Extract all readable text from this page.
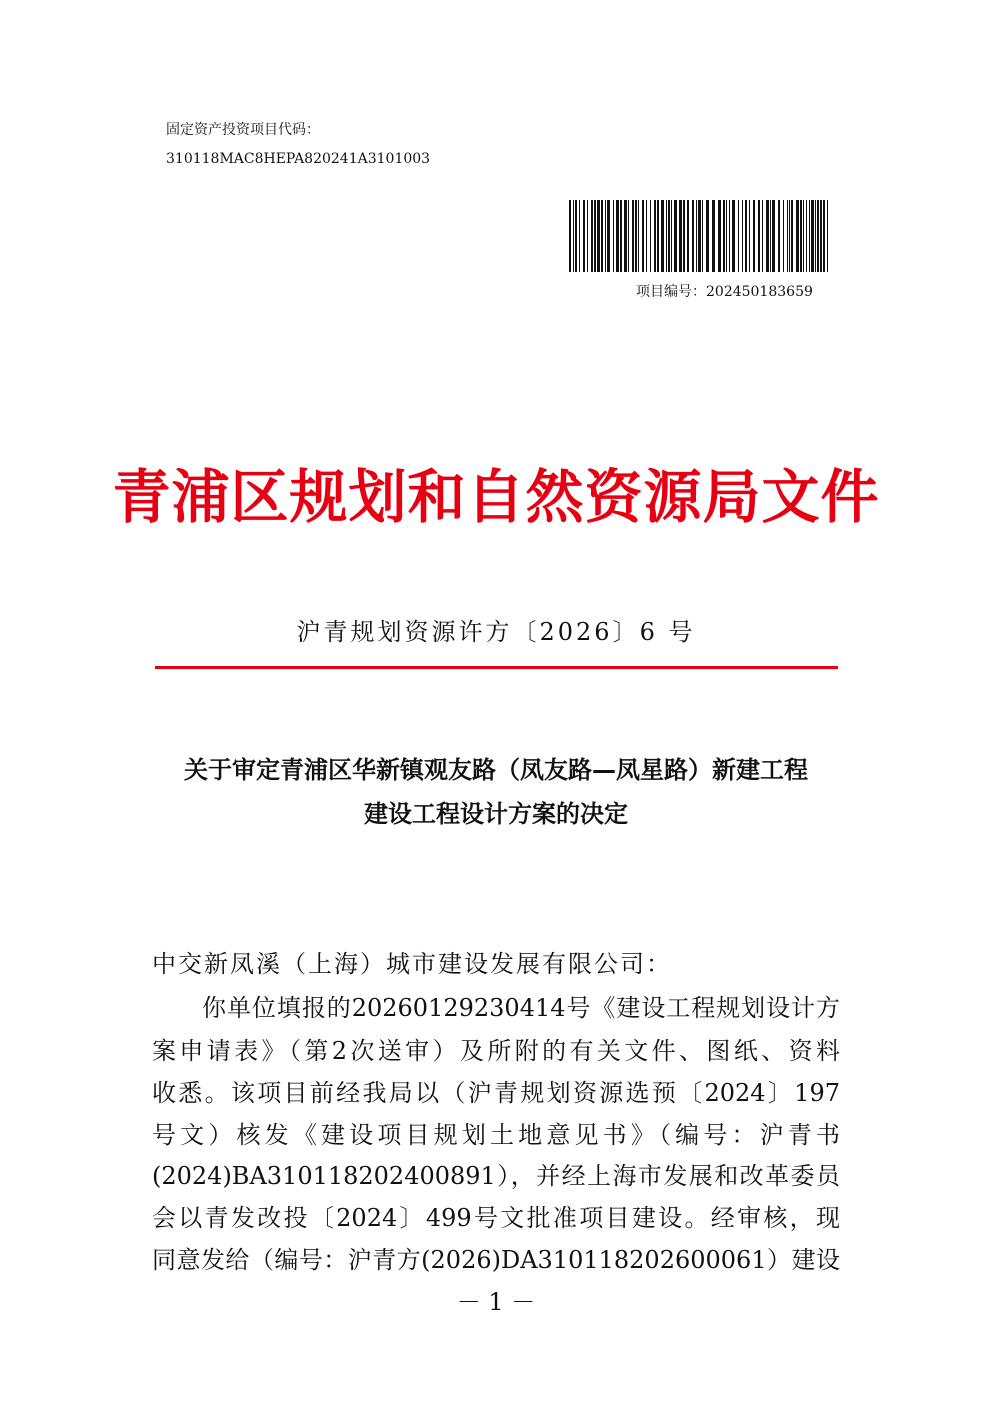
固定资产投资项目代码：
310118MAC8HEPA820241A3101003
项目编号：202450183659
青浦区规划和自然资源局文件
沪青规划资源许方〔2026〕6 号
关于审定青浦区华新镇观友路（凤友路—凤星路）新建工程
建设工程设计方案的决定
中交新凤溪（上海）城市建设发展有限公司：
你单位填报的20260129230414号《建设工程规划设计方
案申请表》（第2次送审）及所附的有关文件、图纸、资料
收悉。该项目前经我局以（沪青规划资源选预〔2024〕197
号文）核发《建设项目规划土地意见书》（编号：沪青书
(2024)BA310118202400891），并经上海市发展和改革委员
会以青发改投〔2024〕499号文批准项目建设。经审核，现
同意发给（编号：沪青方(2026)DA310118202600061）建设
－ 1 －
